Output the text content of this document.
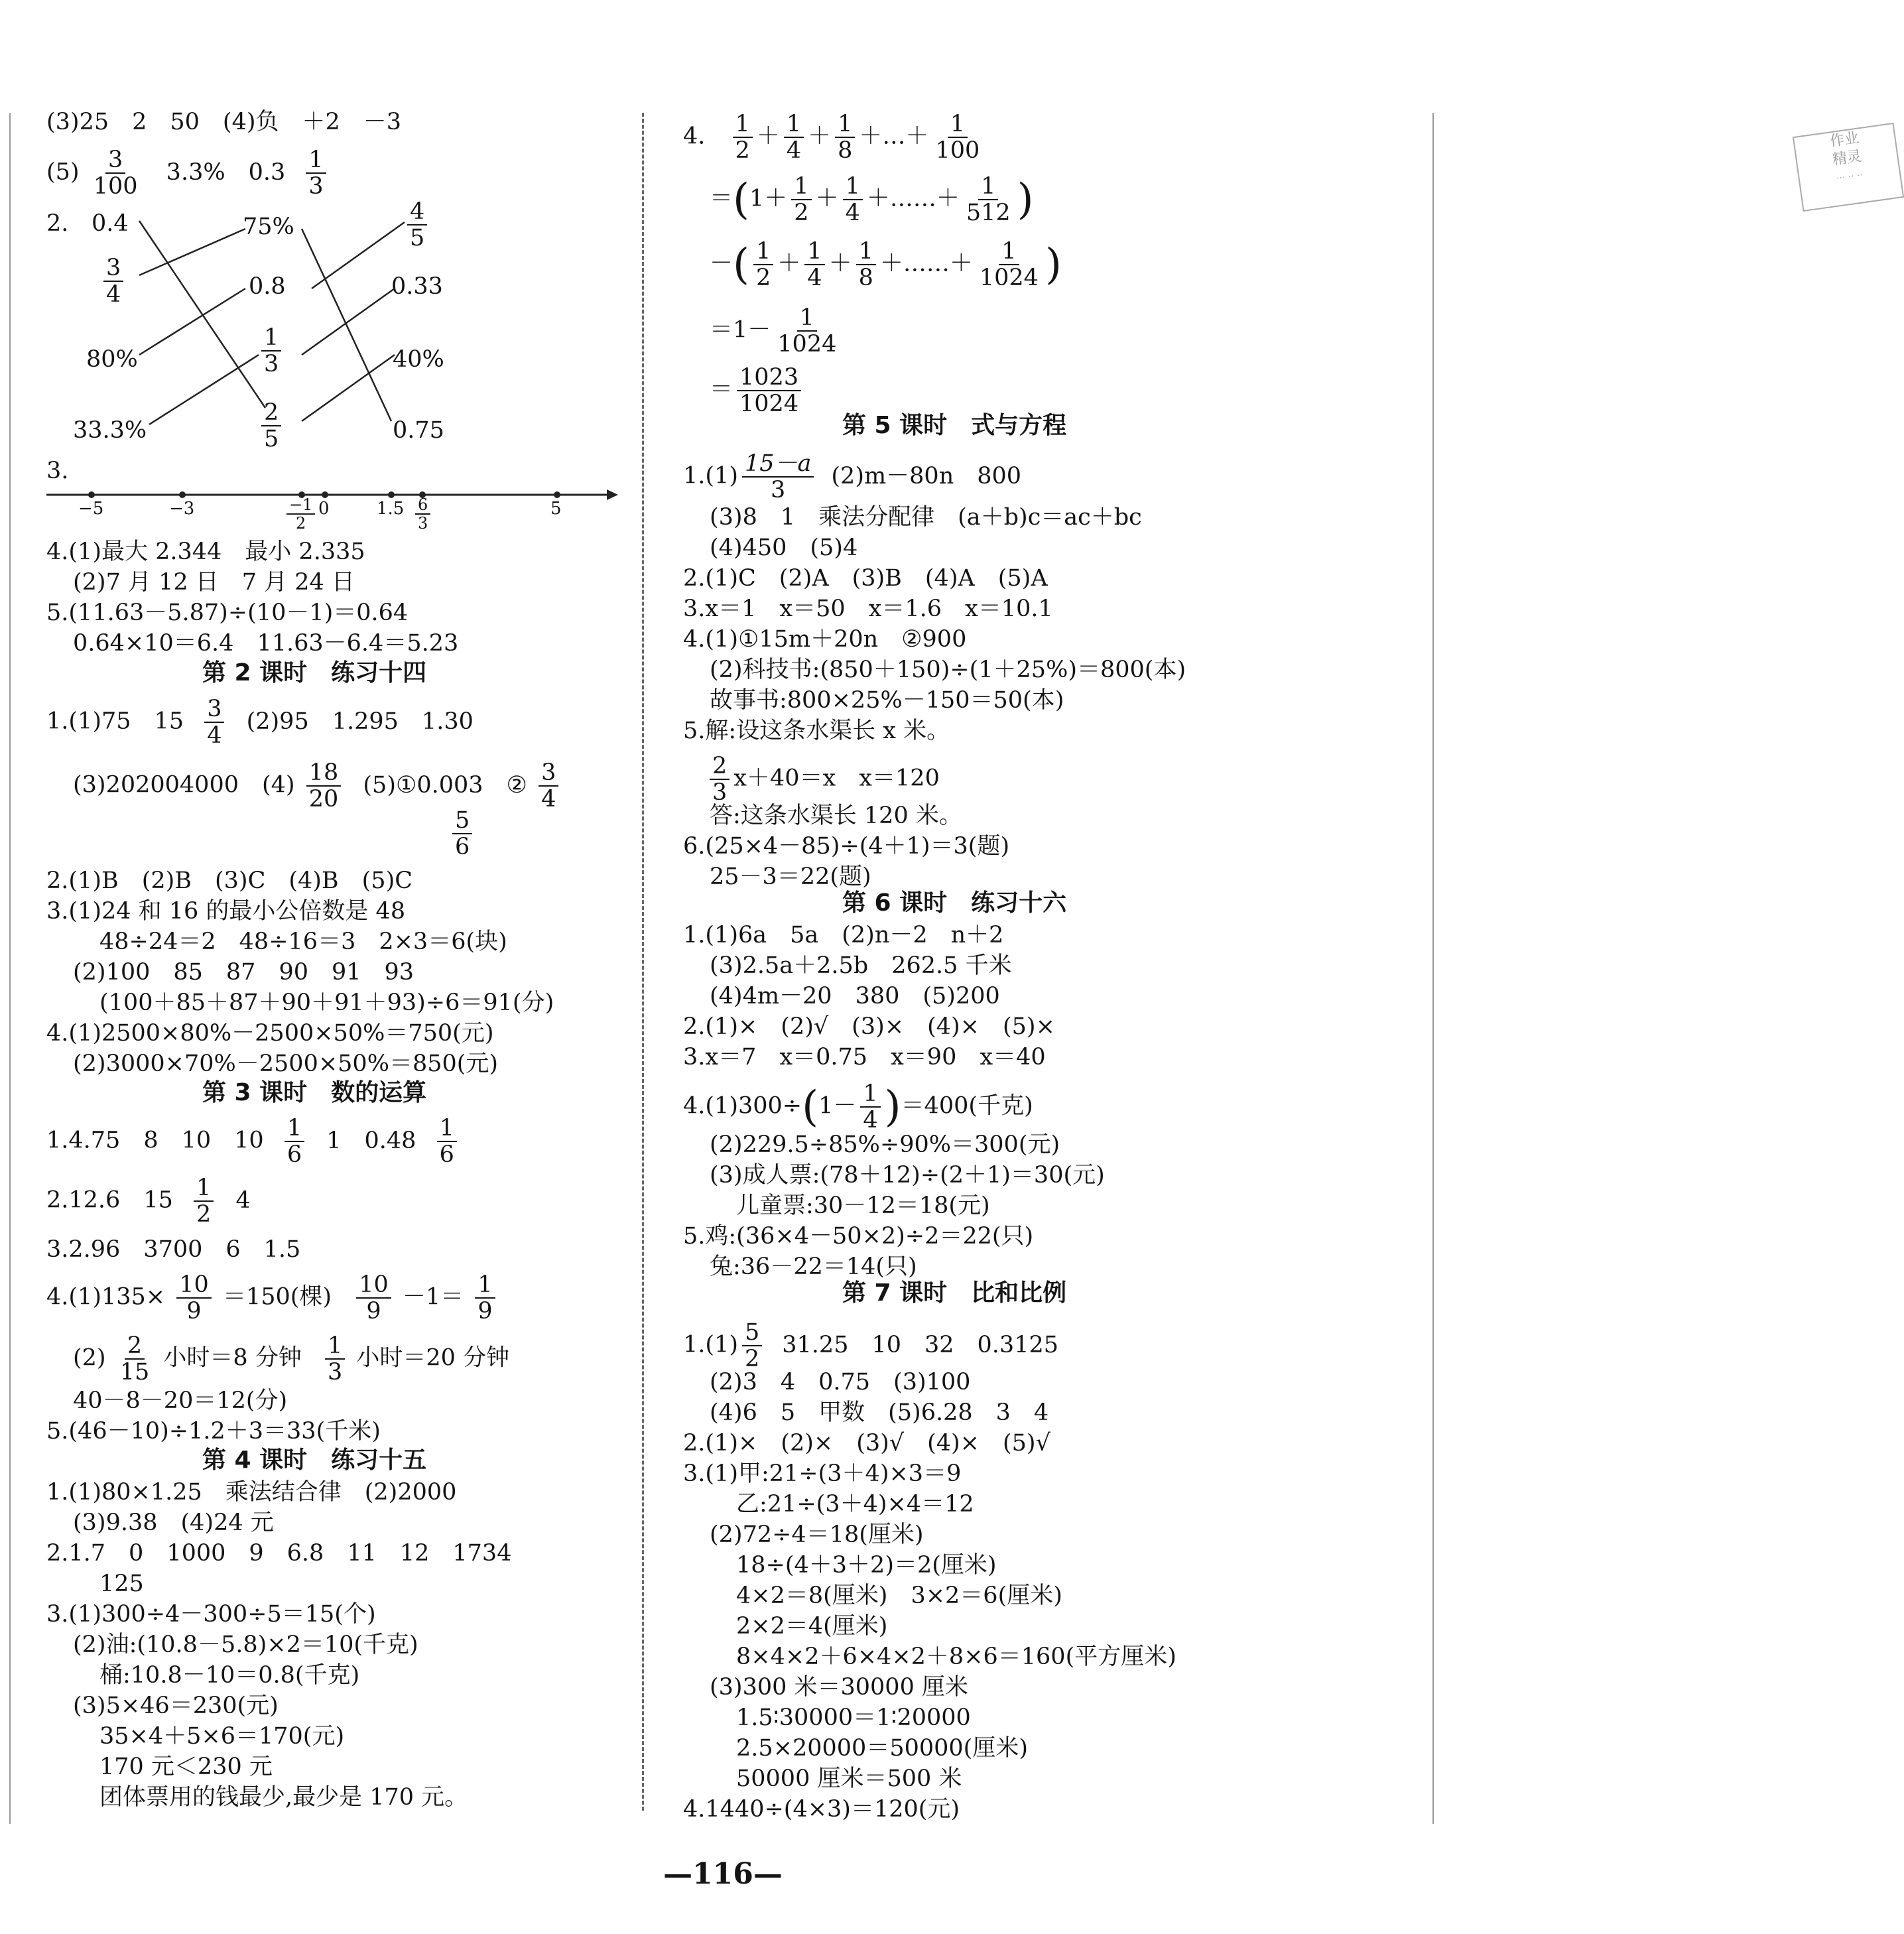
(3)25　2　50　(4)负　＋2　－3
$(5) \frac{3}{100} 3.3\%$　$0.3 \frac{1}{3}$
2. 0.4
$\frac{3}{4}$
80%
33.3%
75%
0.8
$\frac{1}{3}$
$\frac{2}{5}$
$\frac{4}{5}$
0.33
40%
0.75
3.
−5	−3	$\frac{-1}{2} 0$	$1.5 \frac{6}{3}$	5
4.(1)最大 2.344　最小 2.335
(2)7 月 12 日　7 月 24 日
5.(11.63－5.87)÷(10－1)＝0.64
0.64×10＝6.4　11.63－6.4＝5.23
第 2 课时　练习十四
1.(1)75　$15 \frac{3}{4} (2)95$　1.295　1.30
(3)202004000　$(4) \frac{18}{20}$ (5)①0.003　② $\frac{3}{4}$
$\frac{5}{6}$
2.(1)B　(2)B　(3)C　(4)B　(5)C
3.(1)24 和 16 的最小公倍数是 48
48÷24＝2　48÷16＝3　2×3＝6(块)
(2)100　85　87　90　91　93
(100＋85＋87＋90＋91＋93)÷6＝91(分)
4.(1)2500×80%－2500×50%＝750(元)
(2)3000×70%－2500×50%＝850(元)
第 3 课时　数的运算
1.4.75　8　10　$10 \frac{1}{6} 1$　$0.48 \frac{1}{6}$
2.12.6　$15 \frac{1}{2} 4$
3.2.96　3700　6　1.5
$4.(1)135\times \frac{10}{9} =150$(棵) $\frac{10}{9} -1= \frac{1}{9}$
$(2) \frac{2}{15}$ 小时＝8 分钟 $\frac{1}{3}$ 小时＝20 分钟
40－8－20＝12(分)
5.(46－10)÷1.2＋3＝33(千米)
第 4 课时　练习十五
1.(1)80×1.25　乘法结合律　(2)2000
(3)9.38　(4)24 元
2.1.7　0　1000　9　6.8　11　12　1734
125
3.(1)300÷4－300÷5＝15(个)
(2)油:(10.8－5.8)×2＝10(千克)
桶:10.8－10＝0.8(千克)
(3)5×46＝230(元)
35×4＋5×6＝170(元)
170 元＜230 元
团体票用的钱最少,最少是 170 元。
4. $\frac{1}{2} + \frac{1}{4} + \frac{1}{8}$ ＋…＋ $\frac{1}{100}$	作业
精灵
··· ·· ··
$=(1+ \frac{1}{2} + \frac{1}{4}$ ＋……＋ $\frac{1}{512}$ )
－( $\frac{1}{2} + \frac{1}{4} + \frac{1}{8}$ ＋……＋ $\frac{1}{1024}$ )
$=1- \frac{1}{1024}$
＝ $\frac{1023}{1024}$
第 5 课时　式与方程
$1.(1) \frac{15-a}{3} (2)m-80n$　800
(3)8　1　乘法分配律　(a＋b)c＝ac＋bc
(4)450　(5)4
2.(1)C　(2)A　(3)B　(4)A　(5)A
3.x＝1　x＝50　x＝1.6　x＝10.1
4.(1)①15m＋20n　②900
(2)科技书:(850＋150)÷(1＋25%)＝800(本)
故事书:800×25%－150＝50(本)
5.解:设这条水渠长 x 米。
$\frac{2}{3} x+40=x$　x＝120
答:这条水渠长 120 米。
6.(25×4－85)÷(4＋1)＝3(题)
25－3＝22(题)
第 6 课时　练习十六
1.(1)6a　5a　(2)n－2　n＋2
(3)2.5a＋2.5b　262.5 千米
(4)4m－20　380　(5)200
2.(1)×　(2)√　(3)×　(4)×　(5)×
3.x＝7　x＝0.75　x＝90　x＝40
$4.(1)300\div(1- \frac{1}{4} )=400$(千克)
(2)229.5÷85%÷90%＝300(元)
(3)成人票:(78＋12)÷(2＋1)＝30(元)
儿童票:30－12＝18(元)
5.鸡:(36×4－50×2)÷2＝22(只)
兔:36－22＝14(只)
第 7 课时　比和比例
$1.(1) \frac{5}{2} 31.25$　10　32　0.3125
(2)3　4　0.75　(3)100
(4)6　5　甲数　(5)6.28　3　4
2.(1)×　(2)×　(3)√　(4)×　(5)√
3.(1)甲:21÷(3＋4)×3＝9
乙:21÷(3＋4)×4＝12
(2)72÷4＝18(厘米)
18÷(4＋3＋2)＝2(厘米)
4×2＝8(厘米)　3×2＝6(厘米)
2×2＝4(厘米)
8×4×2＋6×4×2＋8×6＝160(平方厘米)
(3)300 米＝30000 厘米
1.5∶30000＝1∶20000
2.5×20000＝50000(厘米)
50000 厘米＝500 米
4.1440÷(4×3)＝120(元)
—116—
